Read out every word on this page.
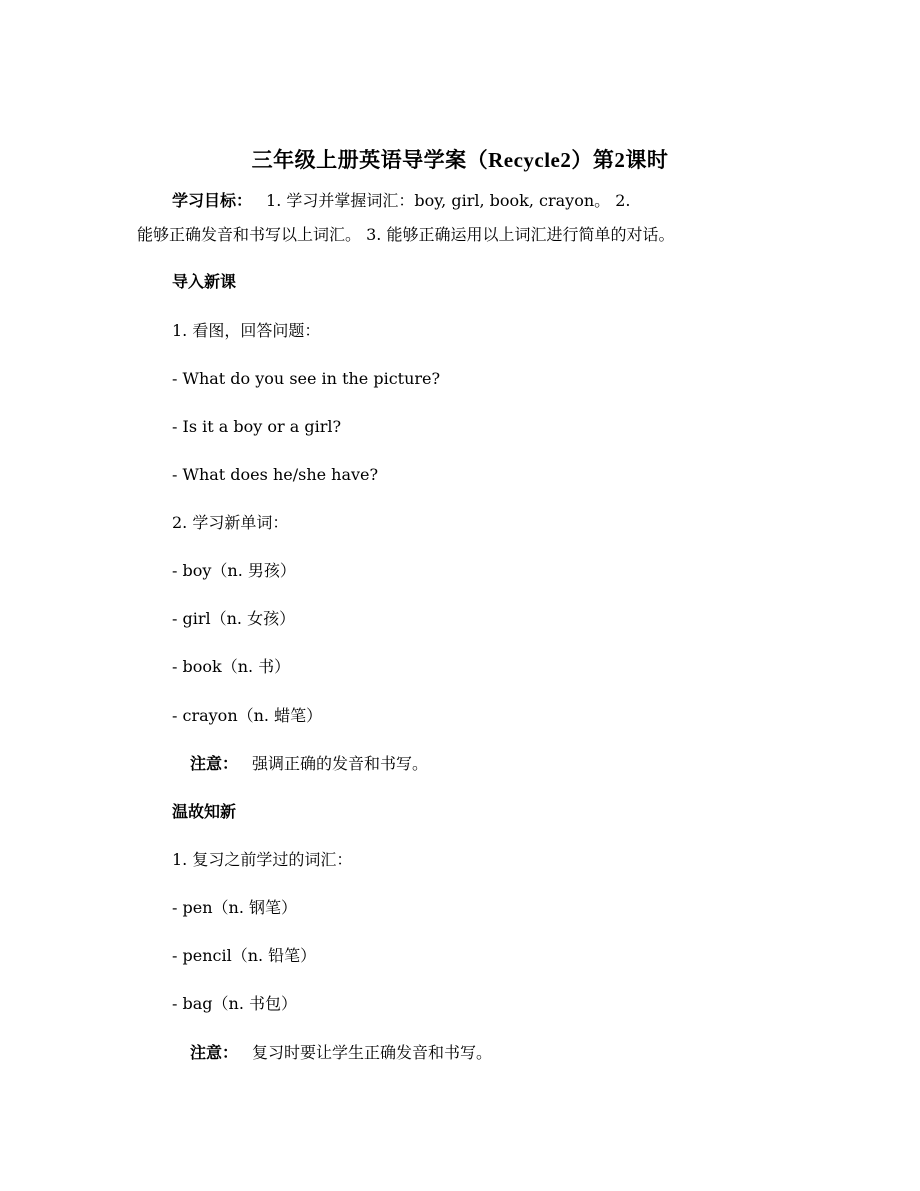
三年级上册英语导学案（Recycle2）第2课时
学习目标： 1. 学习并掌握词汇：boy, girl, book, crayon。 2.
能够正确发音和书写以上词汇。 3. 能够正确运用以上词汇进行简单的对话。
导入新课
1. 看图，回答问题：
- What do you see in the picture?
- Is it a boy or a girl?
- What does he/she have?
2. 学习新单词：
- boy（n. 男孩）
- girl（n. 女孩）
- book（n. 书）
- crayon（n. 蜡笔）
注意： 强调正确的发音和书写。
温故知新
1. 复习之前学过的词汇：
- pen（n. 钢笔）
- pencil（n. 铅笔）
- bag（n. 书包）
注意： 复习时要让学生正确发音和书写。
